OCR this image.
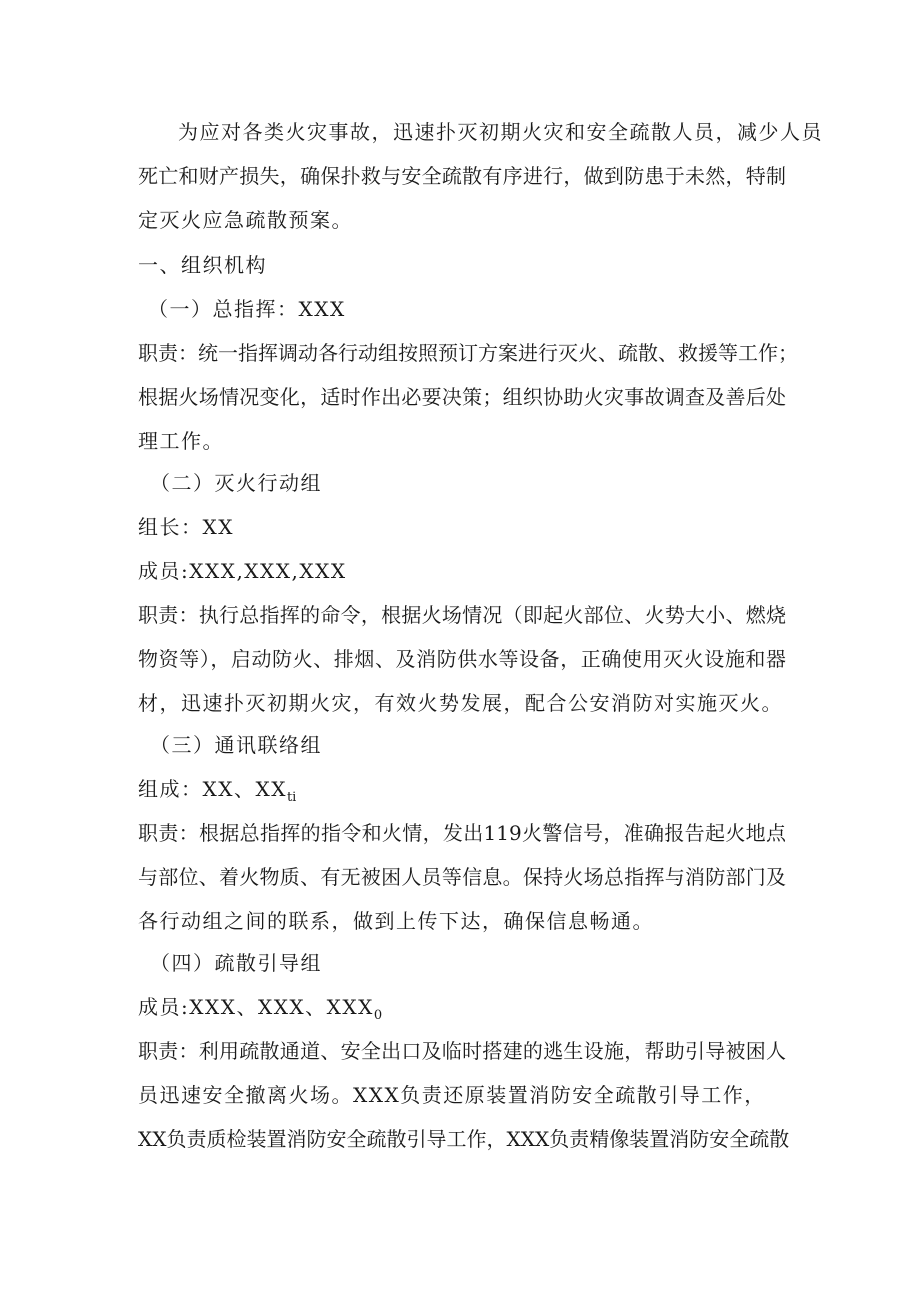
为应对各类火灾事故，迅速扑灭初期火灾和安全疏散人员，减少人员
死亡和财产损失，确保扑救与安全疏散有序进行，做到防患于未然，特制
定灭火应急疏散预案。
一、组织机构
（一）总指挥：XXX
职责：统一指挥调动各行动组按照预订方案进行灭火、疏散、救援等工作；
根据火场情况变化，适时作出必要决策；组织协助火灾事故调查及善后处
理工作。
（二）灭火行动组
组长：XX
成员:XXX,XXX,XXX
职责：执行总指挥的命令，根据火场情况（即起火部位、火势大小、燃烧
物资等），启动防火、排烟、及消防供水等设备，正确使用灭火设施和器
材，迅速扑灭初期火灾，有效火势发展，配合公安消防对实施灭火。
（三）通讯联络组
组成：XX、$XX_{ti}$
职责：根据总指挥的指令和火情，发出119火警信号，准确报告起火地点
与部位、着火物质、有无被困人员等信息。保持火场总指挥与消防部门及
各行动组之间的联系，做到上传下达，确保信息畅通。
（四）疏散引导组
成员:XXX、XXX、$XXX_0$
职责：利用疏散通道、安全出口及临时搭建的逃生设施，帮助引导被困人
员迅速安全撤离火场。XXX负责还原装置消防安全疏散引导工作，
XX负责质检装置消防安全疏散引导工作，XXX负责精像装置消防安全疏散
